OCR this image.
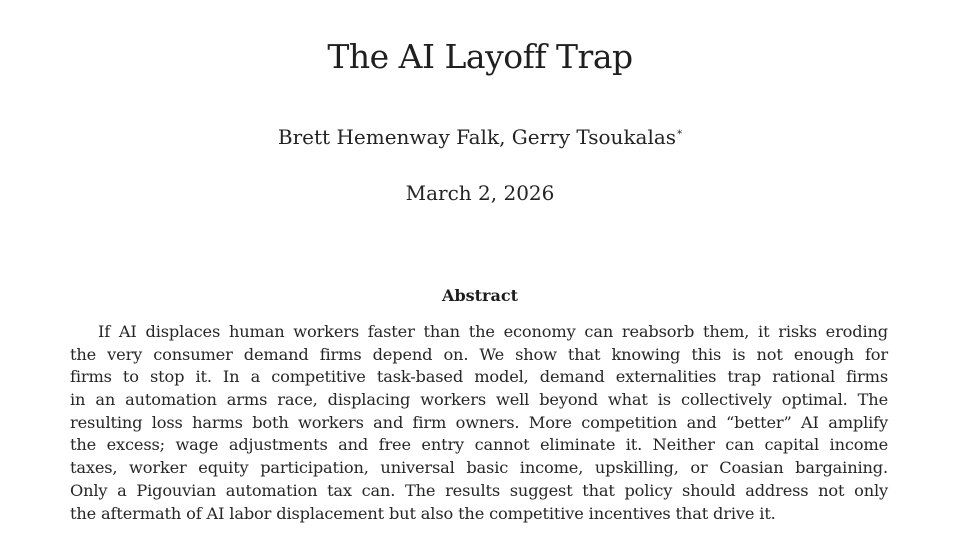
The AI Layoff Trap
Brett Hemenway Falk, Gerry Tsoukalas*
March 2, 2026
Abstract
If AI displaces human workers faster than the economy can reabsorb them, it risks eroding
the very consumer demand firms depend on. We show that knowing this is not enough for
firms to stop it. In a competitive task-based model, demand externalities trap rational firms
in an automation arms race, displacing workers well beyond what is collectively optimal. The
resulting loss harms both workers and firm owners. More competition and “better” AI amplify
the excess; wage adjustments and free entry cannot eliminate it. Neither can capital income
taxes, worker equity participation, universal basic income, upskilling, or Coasian bargaining.
Only a Pigouvian automation tax can. The results suggest that policy should address not only
the aftermath of AI labor displacement but also the competitive incentives that drive it.
